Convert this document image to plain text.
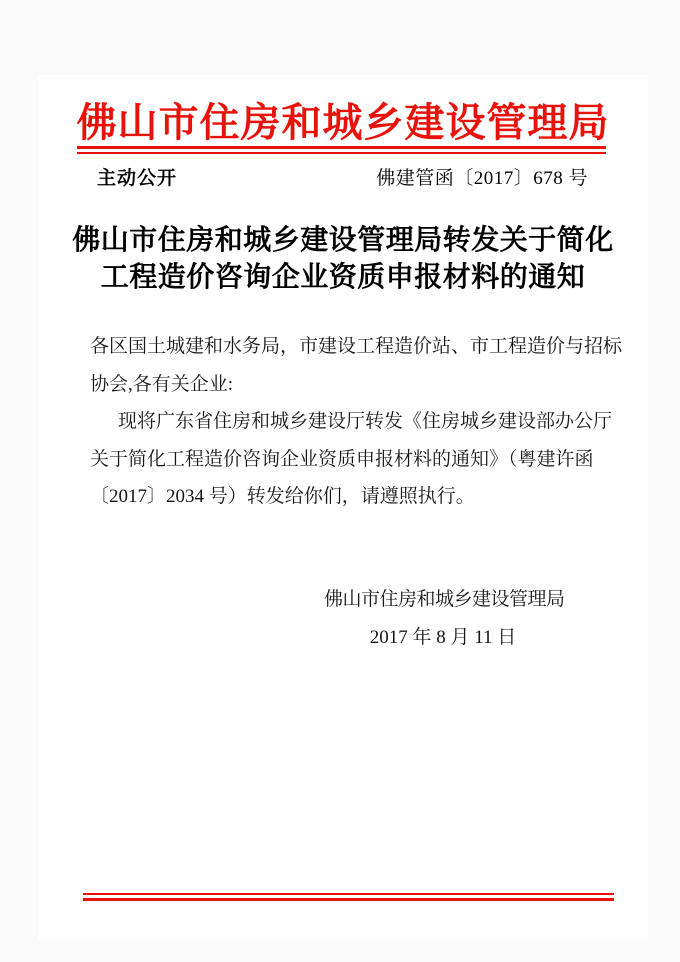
佛山市住房和城乡建设管理局
主动公开	佛建管函〔2017〕678 号
佛山市住房和城乡建设管理局转发关于简化
工程造价咨询企业资质申报材料的通知
各区国土城建和水务局，市建设工程造价站、市工程造价与招标
协会,各有关企业:
现将广东省住房和城乡建设厅转发《住房城乡建设部办公厅
关于简化工程造价咨询企业资质申报材料的通知》（粤建许函
〔2017〕2034 号）转发给你们，请遵照执行。
佛山市住房和城乡建设管理局
2017 年 8 月 11 日
